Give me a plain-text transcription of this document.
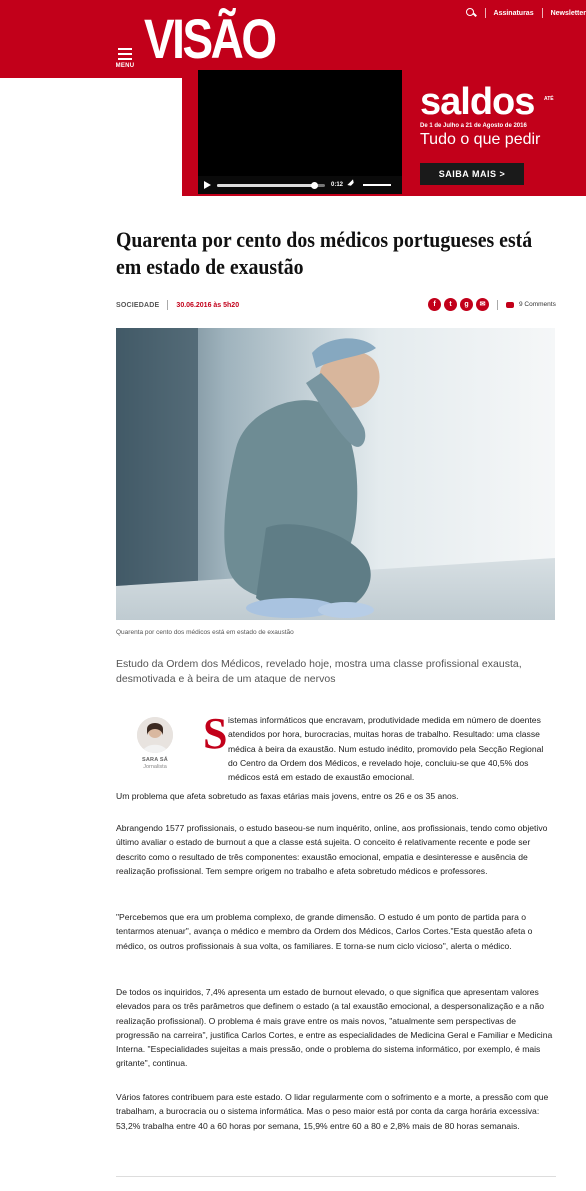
MENU VISÃO	Assinaturas Newsletter
0:12
saldos	ATÉ
De 1 de Julho a 21 de Agosto de 2016
Tudo o que pedir
SAIBA MAIS >
Quarenta por cento dos médicos portugueses está em estado de exaustão
SOCIEDADE 30.06.2016 às 5h20	f	t	g	✉	9 Comments
Quarenta por cento dos médicos está em estado de exaustão

Estudo da Ordem dos Médicos, revelado hoje, mostra uma classe profissional exausta, desmotivada e à beira de um ataque de nervos

SARA SÁ
Jornalista
S istemas informáticos que encravam, produtividade medida em número de doentes atendidos por hora, burocracias, muitas horas de trabalho. Resultado: uma classe médica à beira da exaustão. Num estudo inédito, promovido pela Secção Regional do Centro da Ordem dos Médicos, e revelado hoje, concluiu-se que 40,5% dos médicos está em estado de exaustão emocional.

Um problema que afeta sobretudo as faxas etárias mais jovens, entre os 26 e os 35 anos.

Abrangendo 1577 profissionais, o estudo baseou-se num inquérito, online, aos profissionais, tendo como objetivo último avaliar o estado de burnout a que a classe está sujeita. O conceito é relativamente recente e pode ser descrito como o resultado de três componentes: exaustão emocional, empatia e desinteresse e ausência de realização profissional. Tem sempre origem no trabalho e afeta sobretudo médicos e professores.

"Percebemos que era um problema complexo, de grande dimensão. O estudo é um ponto de partida para o tentarmos atenuar", avança o médico e membro da Ordem dos Médicos, Carlos Cortes."Esta questão afeta o médico, os outros profissionais à sua volta, os familiares. E torna-se num ciclo vicioso", alerta o médico.

De todos os inquiridos, 7,4% apresenta um estado de burnout elevado, o que significa que apresentam valores elevados para os três parâmetros que definem o estado (a tal exaustão emocional, a despersonalização e a não realização profissional). O problema é mais grave entre os mais novos, "atualmente sem perspectivas de progressão na carreira", justifica Carlos Cortes, e entre as especialidades de Medicina Geral e Familiar e Medicina Interna. "Especialidades sujeitas a mais pressão, onde o problema do sistema informático, por exemplo, é mais gritante", continua.

Vários fatores contribuem para este estado. O lidar regularmente com o sofrimento e a morte, a pressão com que trabalham, a burocracia ou o sistema informática. Mas o peso maior está por conta da carga horária excessiva: 53,2% trabalha entre 40 a 60 horas por semana, 15,9% entre 60 a 80 e 2,8% mais de 80 horas semanais.
